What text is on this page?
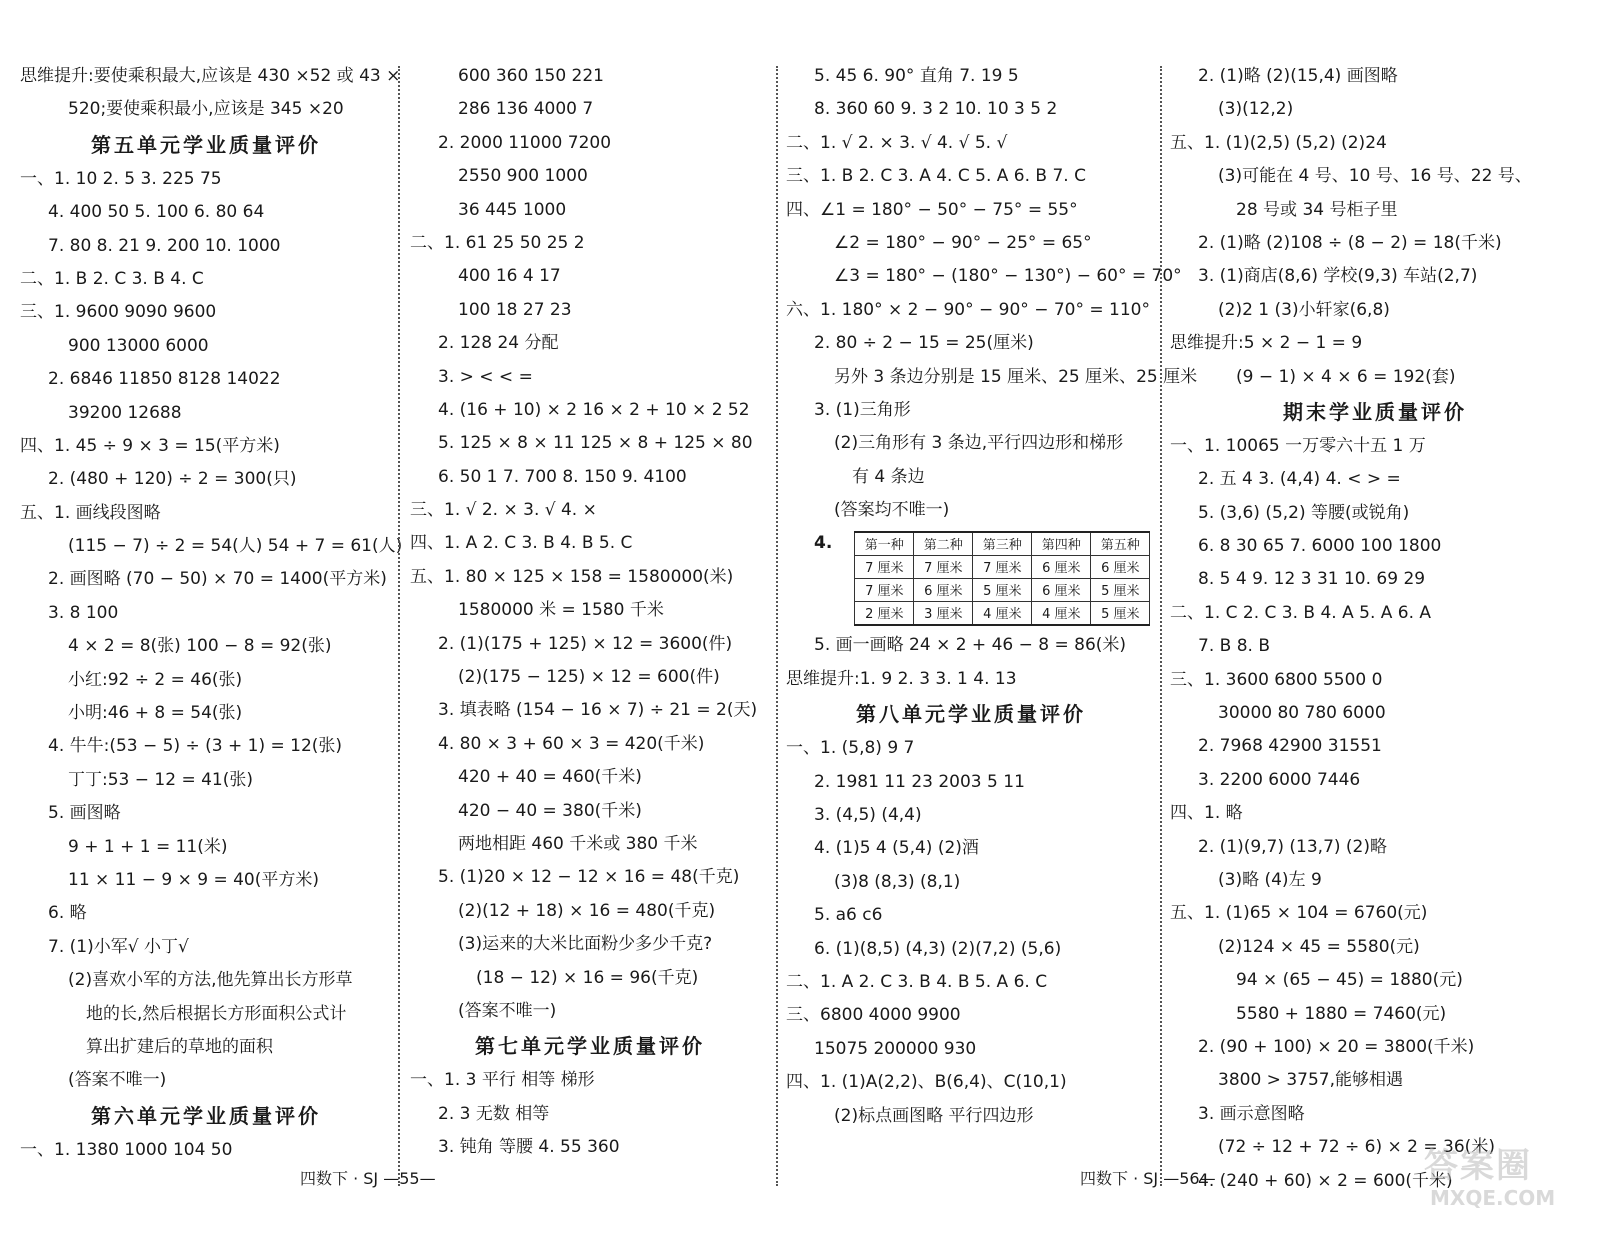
思维提升:要使乘积最大,应该是 430 ×52 或 43 ×
520;要使乘积最小,应该是 345 ×20
第五单元学业质量评价
一、1. 10 2. 5 3. 225 75
4. 400 50 5. 100 6. 80 64
7. 80 8. 21 9. 200 10. 1000
二、1. B 2. C 3. B 4. C
三、1. 9600 9090 9600
900 13000 6000
2. 6846 11850 8128 14022
39200 12688
四、1. 45 ÷ 9 × 3 = 15(平方米)
2. (480 + 120) ÷ 2 = 300(只)
五、1. 画线段图略
(115 − 7) ÷ 2 = 54(人) 54 + 7 = 61(人)
2. 画图略 (70 − 50) × 70 = 1400(平方米)
3. 8 100
4 × 2 = 8(张) 100 − 8 = 92(张)
小红:92 ÷ 2 = 46(张)
小明:46 + 8 = 54(张)
4. 牛牛:(53 − 5) ÷ (3 + 1) = 12(张)
丁丁:53 − 12 = 41(张)
5. 画图略
9 + 1 + 1 = 11(米)
11 × 11 − 9 × 9 = 40(平方米)
6. 略
7. (1)小军√ 小丁√
(2)喜欢小军的方法,他先算出长方形草
地的长,然后根据长方形面积公式计
算出扩建后的草地的面积
(答案不唯一)
第六单元学业质量评价
一、1. 1380 1000 104 50
600 360 150 221
286 136 4000 7
2. 2000 11000 7200
2550 900 1000
36 445 1000
二、1. 61 25 50 25 2
400 16 4 17
100 18 27 23
2. 128 24 分配
3. > < < =
4. (16 + 10) × 2 16 × 2 + 10 × 2 52
5. 125 × 8 × 11 125 × 8 + 125 × 80
6. 50 1 7. 700 8. 150 9. 4100
三、1. √ 2. × 3. √ 4. ×
四、1. A 2. C 3. B 4. B 5. C
五、1. 80 × 125 × 158 = 1580000(米)
1580000 米 = 1580 千米
2. (1)(175 + 125) × 12 = 3600(件)
(2)(175 − 125) × 12 = 600(件)
3. 填表略 (154 − 16 × 7) ÷ 21 = 2(天)
4. 80 × 3 + 60 × 3 = 420(千米)
420 + 40 = 460(千米)
420 − 40 = 380(千米)
两地相距 460 千米或 380 千米
5. (1)20 × 12 − 12 × 16 = 48(千克)
(2)(12 + 18) × 16 = 480(千克)
(3)运来的大米比面粉少多少千克?
(18 − 12) × 16 = 96(千克)
(答案不唯一)
第七单元学业质量评价
一、1. 3 平行 相等 梯形
2. 3 无数 相等
3. 钝角 等腰 4. 55 360
5. 45 6. 90° 直角 7. 19 5
8. 360 60 9. 3 2 10. 10 3 5 2
二、1. √ 2. × 3. √ 4. √ 5. √
三、1. B 2. C 3. A 4. C 5. A 6. B 7. C
四、∠1 = 180° − 50° − 75° = 55°
∠2 = 180° − 90° − 25° = 65°
∠3 = 180° − (180° − 130°) − 60° = 70°
六、1. 180° × 2 − 90° − 90° − 70° = 110°
2. 80 ÷ 2 − 15 = 25(厘米)
另外 3 条边分别是 15 厘米、25 厘米、25 厘米
3. (1)三角形
(2)三角形有 3 条边,平行四边形和梯形
有 4 条边
(答案均不唯一)
4. 第一种	第二种	第三种	第四种	第五种
7 厘米	7 厘米	7 厘米	6 厘米	6 厘米
7 厘米	6 厘米	5 厘米	6 厘米	5 厘米
2 厘米	3 厘米	4 厘米	4 厘米	5 厘米
5. 画一画略 24 × 2 + 46 − 8 = 86(米)
思维提升:1. 9 2. 3 3. 1 4. 13
第八单元学业质量评价
一、1. (5,8) 9 7
2. 1981 11 23 2003 5 11
3. (4,5) (4,4)
4. (1)5 4 (5,4) (2)酒
(3)8 (8,3) (8,1)
5. a6 c6
6. (1)(8,5) (4,3) (2)(7,2) (5,6)
二、1. A 2. C 3. B 4. B 5. A 6. C
三、6800 4000 9900
15075 200000 930
四、1. (1)A(2,2)、B(6,4)、C(10,1)
(2)标点画图略 平行四边形
2. (1)略 (2)(15,4) 画图略
(3)(12,2)
五、1. (1)(2,5) (5,2) (2)24
(3)可能在 4 号、10 号、16 号、22 号、
28 号或 34 号柜子里
2. (1)略 (2)108 ÷ (8 − 2) = 18(千米)
3. (1)商店(8,6) 学校(9,3) 车站(2,7)
(2)2 1 (3)小轩家(6,8)
思维提升:5 × 2 − 1 = 9
(9 − 1) × 4 × 6 = 192(套)
期末学业质量评价
一、1. 10065 一万零六十五 1 万
2. 五 4 3. (4,4) 4. < > =
5. (3,6) (5,2) 等腰(或锐角)
6. 8 30 65 7. 6000 100 1800
8. 5 4 9. 12 3 31 10. 69 29
二、1. C 2. C 3. B 4. A 5. A 6. A
7. B 8. B
三、1. 3600 6800 5500 0
30000 80 780 6000
2. 7968 42900 31551
3. 2200 6000 7446
四、1. 略
2. (1)(9,7) (13,7) (2)略
(3)略 (4)左 9
五、1. (1)65 × 104 = 6760(元)
(2)124 × 45 = 5580(元)
94 × (65 − 45) = 1880(元)
5580 + 1880 = 7460(元)
2. (90 + 100) × 20 = 3800(千米)
3800 > 3757,能够相遇
3. 画示意图略
(72 ÷ 12 + 72 ÷ 6) × 2 = 36(米)
4. (240 + 60) × 2 = 600(千米)
四数下 · SJ —55—	四数下 · SJ —56—	答案圈
MXQE.COM
